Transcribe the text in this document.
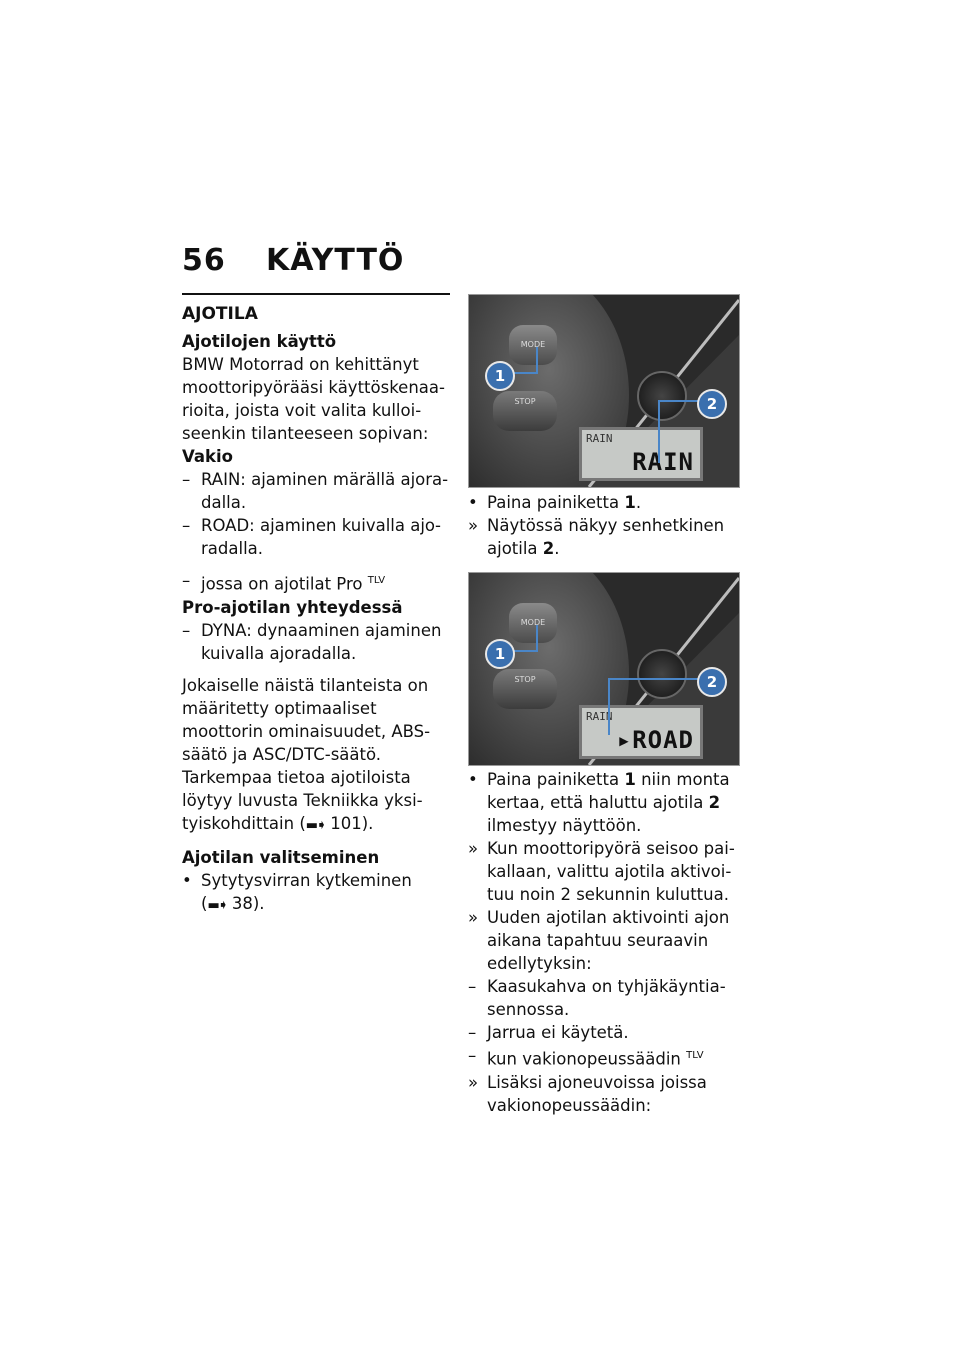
56 KÄYTTÖ
AJOTILA

Ajotilojen käyttö

BMW Motorrad on kehittänyt moottoripyörääsi käyttöskenaarioita, joista voit valita kulloiseenkin tilanteeseen sopivan:

Vakio

– RAIN: ajaminen märällä ajoradalla.
– ROAD: ajaminen kuivalla ajoradalla.
– jossa on ajotilat Pro $^{TLV}$

Pro-ajotilan yhteydessä

– DYNA: dynaaminen ajaminen kuivalla ajoradalla.

Jokaiselle näistä tilanteista on määritetty optimaaliset moottorin ominaisuudet, ABS-säätö ja ASC/DTC-säätö.

Tarkempaa tietoa ajotiloista löytyy luvusta Tekniikka yksityiskohdittain (▬➧ 101).

Ajotilan valitseminen

• Sytytysvirran kytkeminen
(▬➧ 38).
MODE
STOP
RAIN
RAIN
1
2
MODE
STOP
RAIN
▸ROAD
1
2
• Paina painiketta 1.
» Näytössä näkyy senhetkinen ajotila 2.
• Paina painiketta 1 niin monta kertaa, että haluttu ajotila 2 ilmestyy näyttöön.
» Kun moottoripyörä seisoo paikallaan, valittu ajotila aktivoituu noin 2 sekunnin kuluttua.
» Uuden ajotilan aktivointi ajon aikana tapahtuu seuraavin edellytyksin:
– Kaasukahva on tyhjäkäyntiasennossa.
– Jarrua ei käytetä.
– kun vakionopeussäädin $^{TLV}$
» Lisäksi ajoneuvoissa joissa vakionopeussäädin:
